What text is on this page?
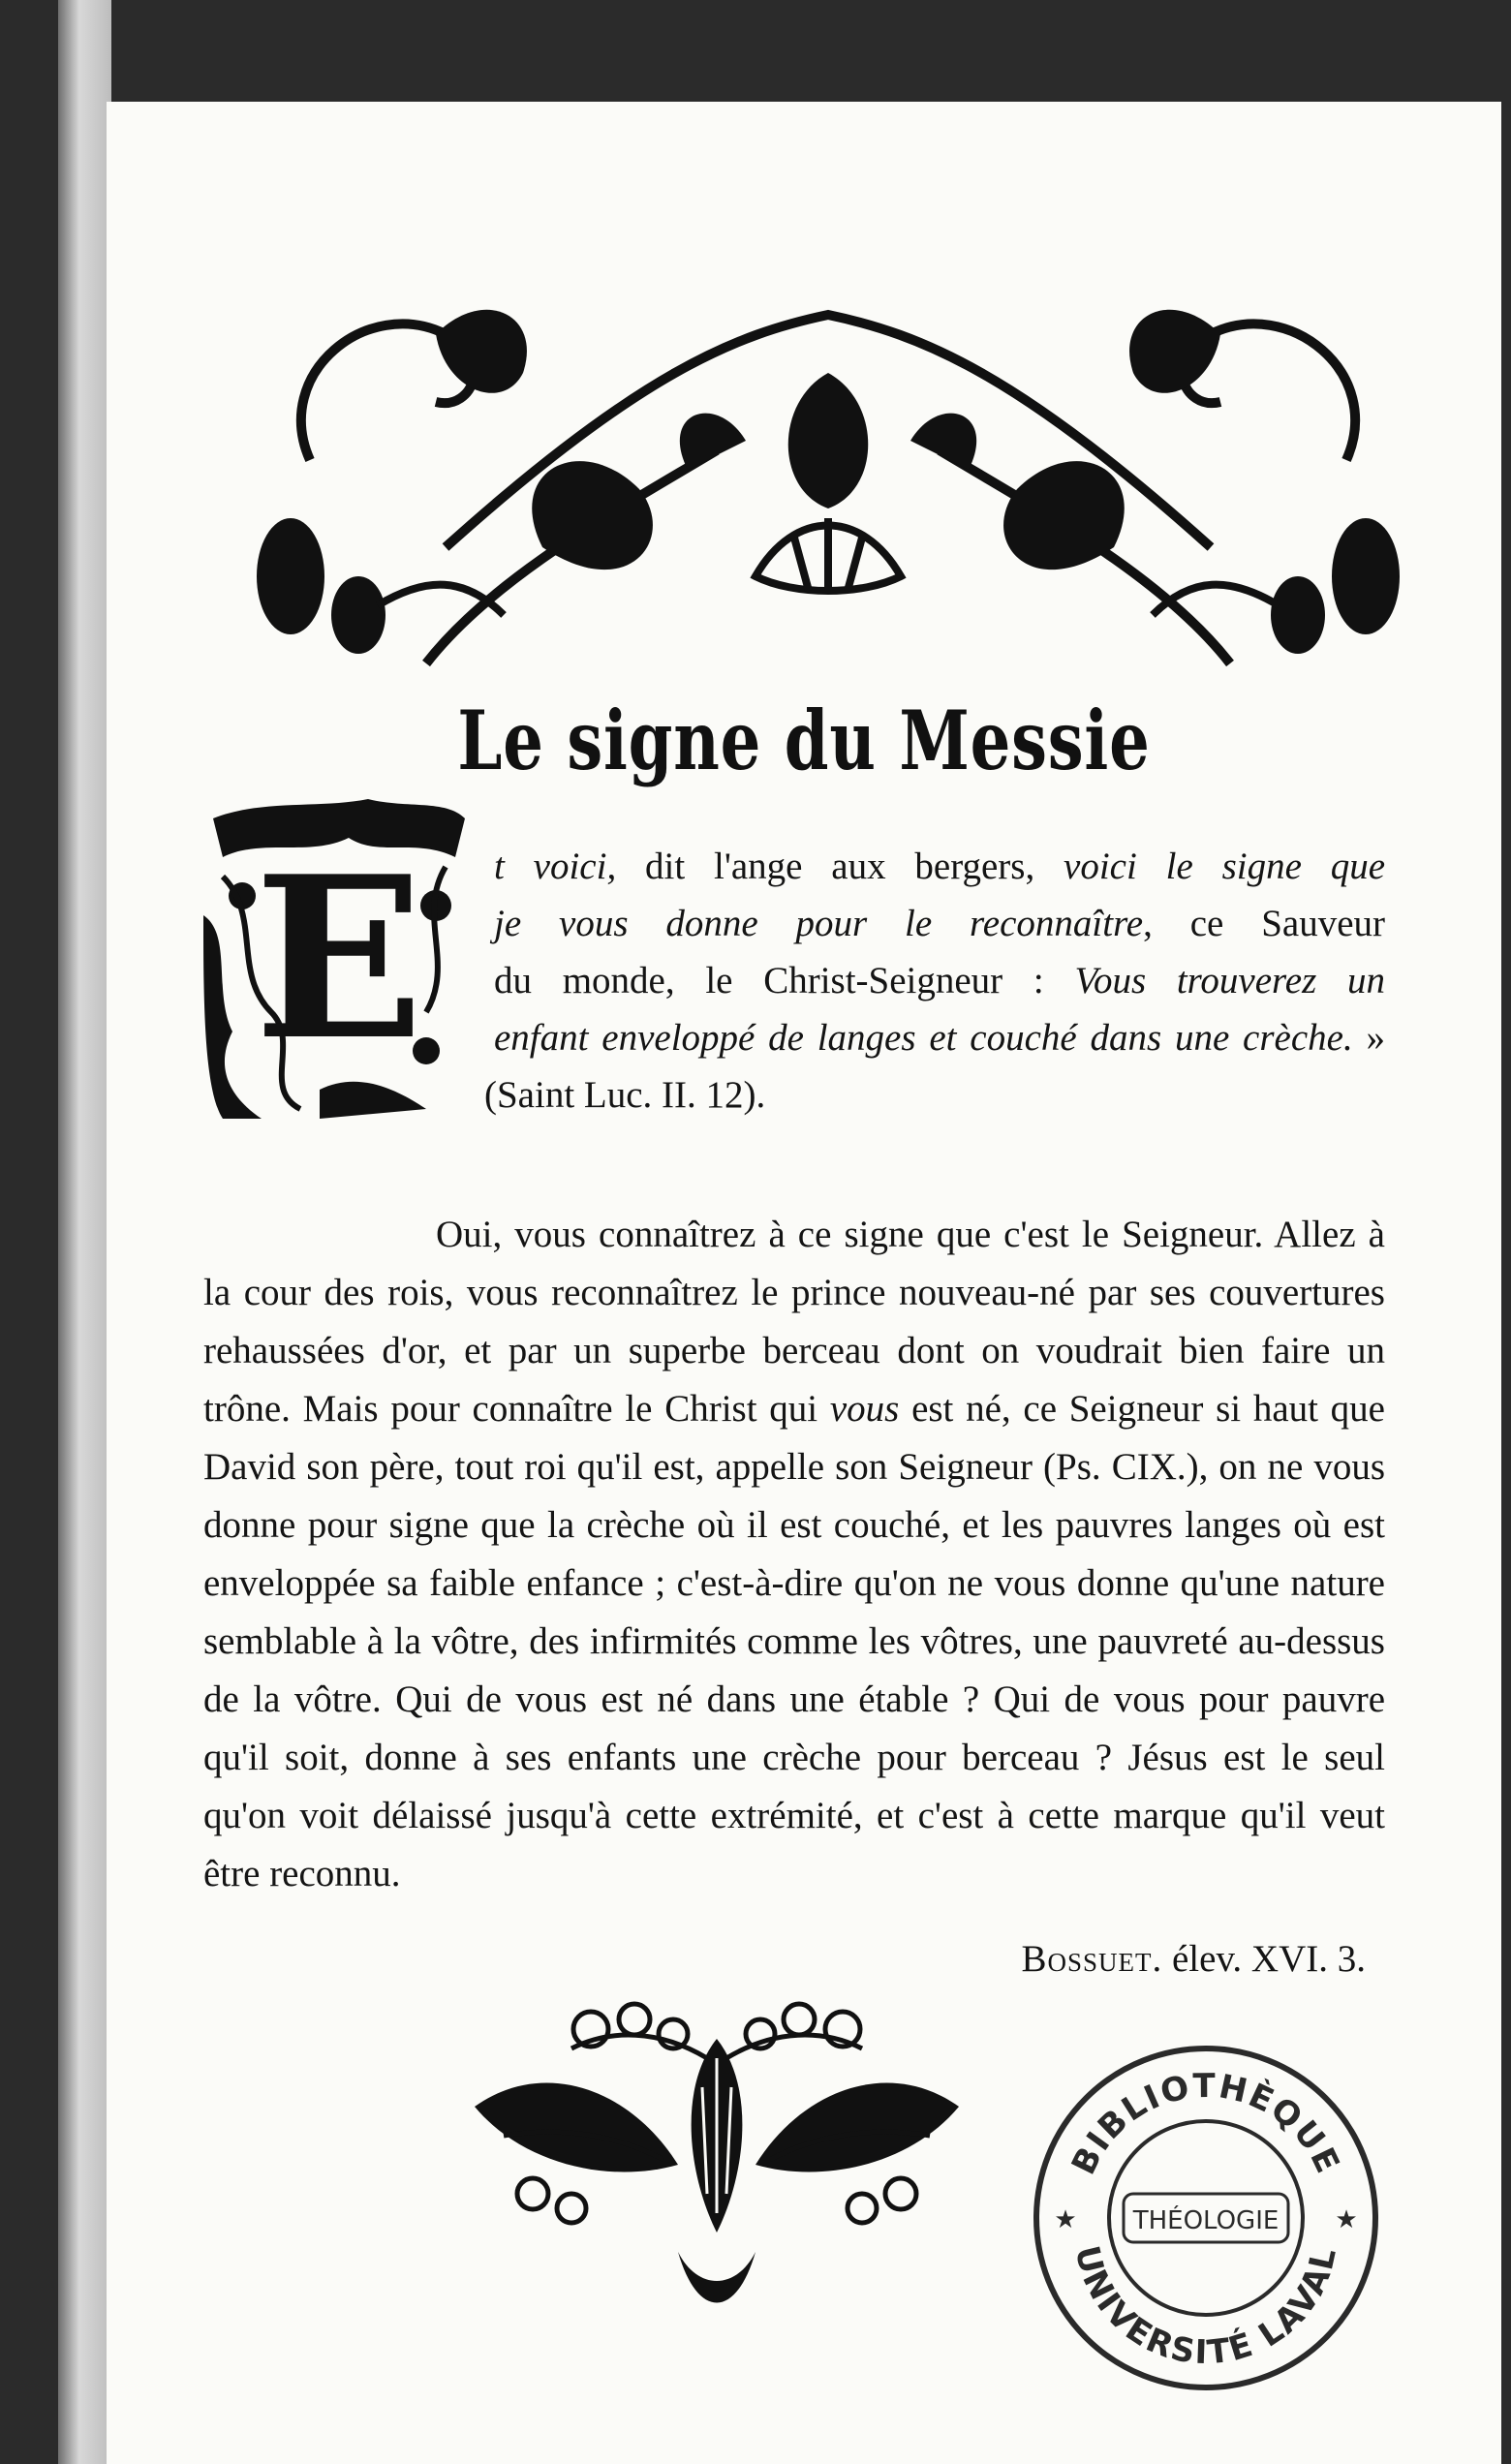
Le signe du Messie
E	t voici, dit l'ange aux bergers, voici le signe que
je vous donne pour le reconnaître, ce Sauveur
du monde, le Christ-Seigneur : Vous trouverez un
enfant enveloppé de langes et couché dans une crèche. »
(Saint Luc. II. 12).
Oui, vous connaîtrez à ce signe que c'est le Seigneur. Allez à la cour des rois, vous reconnaîtrez le prince nouveau-né par ses couvertures rehaussées d'or, et par un superbe berceau dont on voudrait bien faire un trône. Mais pour connaître le Christ qui vous est né, ce Seigneur si haut que David son père, tout roi qu'il est, appelle son Seigneur (Ps. CIX.), on ne vous donne pour signe que la crèche où il est couché, et les pauvres langes où est enveloppée sa faible enfance ; c'est-à-dire qu'on ne vous donne qu'une nature semblable à la vôtre, des infirmités comme les vôtres, une pauvreté au-dessus de la vôtre. Qui de vous est né dans une étable ? Qui de vous pour pauvre qu'il soit, donne à ses enfants une crèche pour berceau ? Jésus est le seul qu'on voit délaissé jusqu'à cette extrémité, et c'est à cette marque qu'il veut être reconnu.
Bossuet. élev. XVI. 3.
BIBLIOTHÈQUE
UNIVERSITÉ LAVAL
THÉOLOGIE
★	★
